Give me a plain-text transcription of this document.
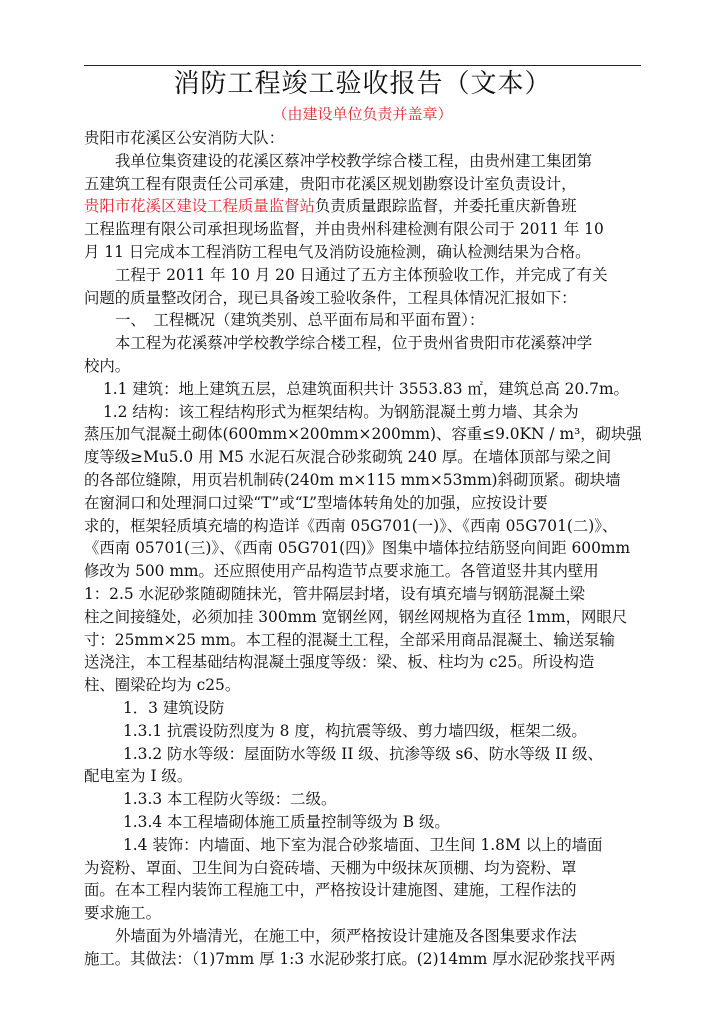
消防工程竣工验收报告（文本）
（由建设单位负责并盖章）
贵阳市花溪区公安消防大队：
我单位集资建设的花溪区蔡冲学校教学综合楼工程，由贵州建工集团第
五建筑工程有限责任公司承建，贵阳市花溪区规划勘察设计室负责设计，
贵阳市花溪区建设工程质量监督站负责质量跟踪监督，并委托重庆新鲁班
工程监理有限公司承担现场监督，并由贵州科建检测有限公司于 2011 年 10
月 11 日完成本工程消防工程电气及消防设施检测，确认检测结果为合格。
工程于 2011 年 10 月 20 日通过了五方主体预验收工作，并完成了有关
问题的质量整改闭合，现已具备竣工验收条件，工程具体情况汇报如下：
一、　工程概况（建筑类别、总平面布局和平面布置）：
本工程为花溪蔡冲学校教学综合楼工程，位于贵州省贵阳市花溪蔡冲学
校内。
1.1 建筑：地上建筑五层，总建筑面积共计 3553.83 ㎡，建筑总高 20.7m。
1.2 结构：该工程结构形式为框架结构。为钢筋混凝土剪力墙、其余为
蒸压加气混凝土砌体(600mm×200mm×200mm)、容重≤9.0KN / m³，砌块强
度等级≥Mu5.0 用 M5 水泥石灰混合砂浆砌筑 240 厚。在墙体顶部与梁之间
的各部位缝隙，用页岩机制砖(240m m×115 mm×53mm)斜砌顶紧。砌块墙
在窗洞口和处理洞口过梁“T”或“L”型墙体转角处的加强，应按设计要
求的，框架轻质填充墙的构造详《西南 05G701(一)》、《西南 05G701(二)》、
《西南 05701(三)》、《西南 05G701(四)》图集中墙体拉结筋竖向间距 600mm
修改为 500 mm。还应照使用产品构造节点要求施工。各管道竖井其内壁用
1：2.5 水泥砂浆随砌随抹光，管井隔层封堵，设有填充墙与钢筋混凝土梁
柱之间接缝处，必须加挂 300mm 宽钢丝网，钢丝网规格为直径 1mm，网眼尺
寸：25mm×25 mm。本工程的混凝土工程，全部采用商品混凝土、输送泵输
送浇注，本工程基础结构混凝土强度等级：梁、板、柱均为 c25。所设构造
柱、圈梁砼均为 c25。
1．3 建筑设防
1.3.1 抗震设防烈度为 8 度，构抗震等级、剪力墙四级，框架二级。
1.3.2 防水等级：屋面防水等级 II 级、抗渗等级 s6、防水等级 II 级、
配电室为 I 级。
1.3.3 本工程防火等级：二级。
1.3.4 本工程墙砌体施工质量控制等级为 B 级。
1.4 装饰：内墙面、地下室为混合砂浆墙面、卫生间 1.8M 以上的墙面
为瓷粉、罩面、卫生间为白瓷砖墙、天棚为中级抹灰顶棚、均为瓷粉、罩
面。在本工程内装饰工程施工中，严格按设计建施图、建施，工程作法的
要求施工。
外墙面为外墙清光，在施工中，须严格按设计建施及各图集要求作法
施工。其做法：（1)7mm 厚 1:3 水泥砂浆打底。(2)14mm 厚水泥砂浆找平两
